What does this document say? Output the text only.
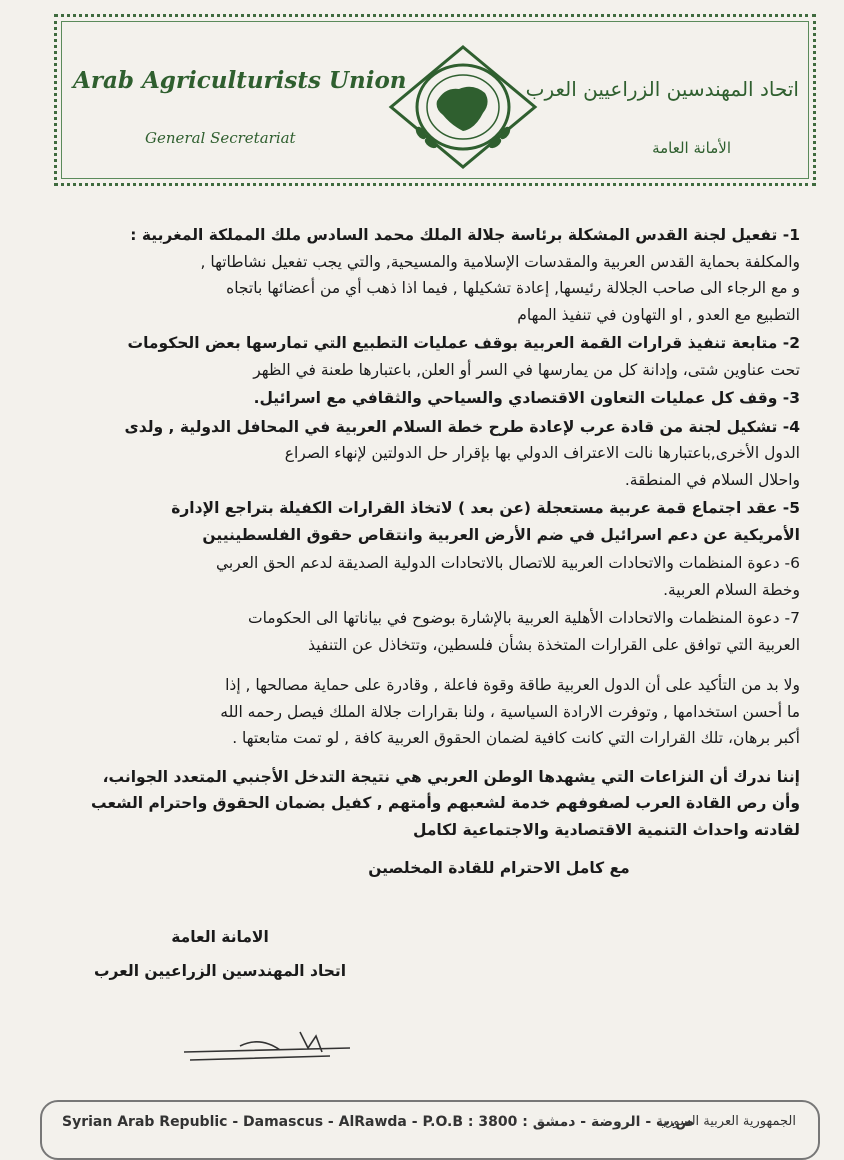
Arab Agriculturists Union
General Secretariat
اتحاد المهندسين الزراعيين العرب
الأمانة العامة

1- تفعيل لجنة القدس المشكلة برئاسة جلالة الملك محمد السادس ملك المملكة المغربية :

والمكلفة بحماية القدس العربية والمقدسات الإسلامية والمسيحية, والتي يجب تفعيل نشاطاتها ,

و مع الرجاء الى صاحب الجلالة رئيسها, إعادة تشكيلها , فيما اذا ذهب أي من أعضائها باتجاه

التطبيع مع العدو , او التهاون في تنفيذ المهام

2- متابعة تنفيذ قرارات القمة العربية بوقف عمليات التطبيع التي تمارسها بعض الحكومات

تحت عناوين شتى، وإدانة كل من يمارسها في السر أو العلن, باعتبارها طعنة في الظهر

3- وقف كل عمليات التعاون الاقتصادي والسياحي والثقافي مع اسرائيل.

4- تشكيل لجنة من قادة عرب لإعادة طرح خطة السلام العربية في المحافل الدولية , ولدى

الدول الأخرى,باعتبارها نالت الاعتراف الدولي بها بإقرار حل الدولتين لإنهاء الصراع

واحلال السلام في المنطقة.

5- عقد اجتماع قمة عربية مستعجلة (عن بعد ) لاتخاذ القرارات الكفيلة بتراجع الإدارة

الأمريكية عن دعم اسرائيل في ضم الأرض العربية وانتقاص حقوق الفلسطينيين

6- دعوة المنظمات والاتحادات العربية للاتصال بالاتحادات الدولية الصديقة لدعم الحق العربي

وخطة السلام العربية.

7- دعوة المنظمات والاتحادات الأهلية العربية بالإشارة بوضوح في بياناتها الى الحكومات

العربية التي توافق على القرارات المتخذة بشأن فلسطين، وتتخاذل عن التنفيذ

ولا بد من التأكيد على أن الدول العربية طاقة وقوة فاعلة , وقادرة على حماية مصالحها , إذا

ما أحسن استخدامها , وتوفرت الارادة السياسية ، ولنا بقرارات جلالة الملك فيصل رحمه الله

أكبر برهان، تلك القرارات التي كانت كافية لضمان الحقوق العربية كافة , لو تمت متابعتها .

إننا ندرك أن النزاعات التي يشهدها الوطن العربي هي نتيجة التدخل الأجنبي المتعدد الجوانب،

وأن رص القادة العرب لصفوفهم خدمة لشعبهم وأمتهم , كفيل بضمان الحقوق واحترام الشعب

لقادته واحداث التنمية الاقتصادية والاجتماعية لكامل

مع كامل الاحترام للقادة المخلصين

الامانة العامة

اتحاد المهندسين الزراعيين العرب

Syrian Arab Republic - Damascus - AlRawda - P.O.B : 3800 : ص.ب - الروضة - دمشق
الجمهورية العربية السورية
